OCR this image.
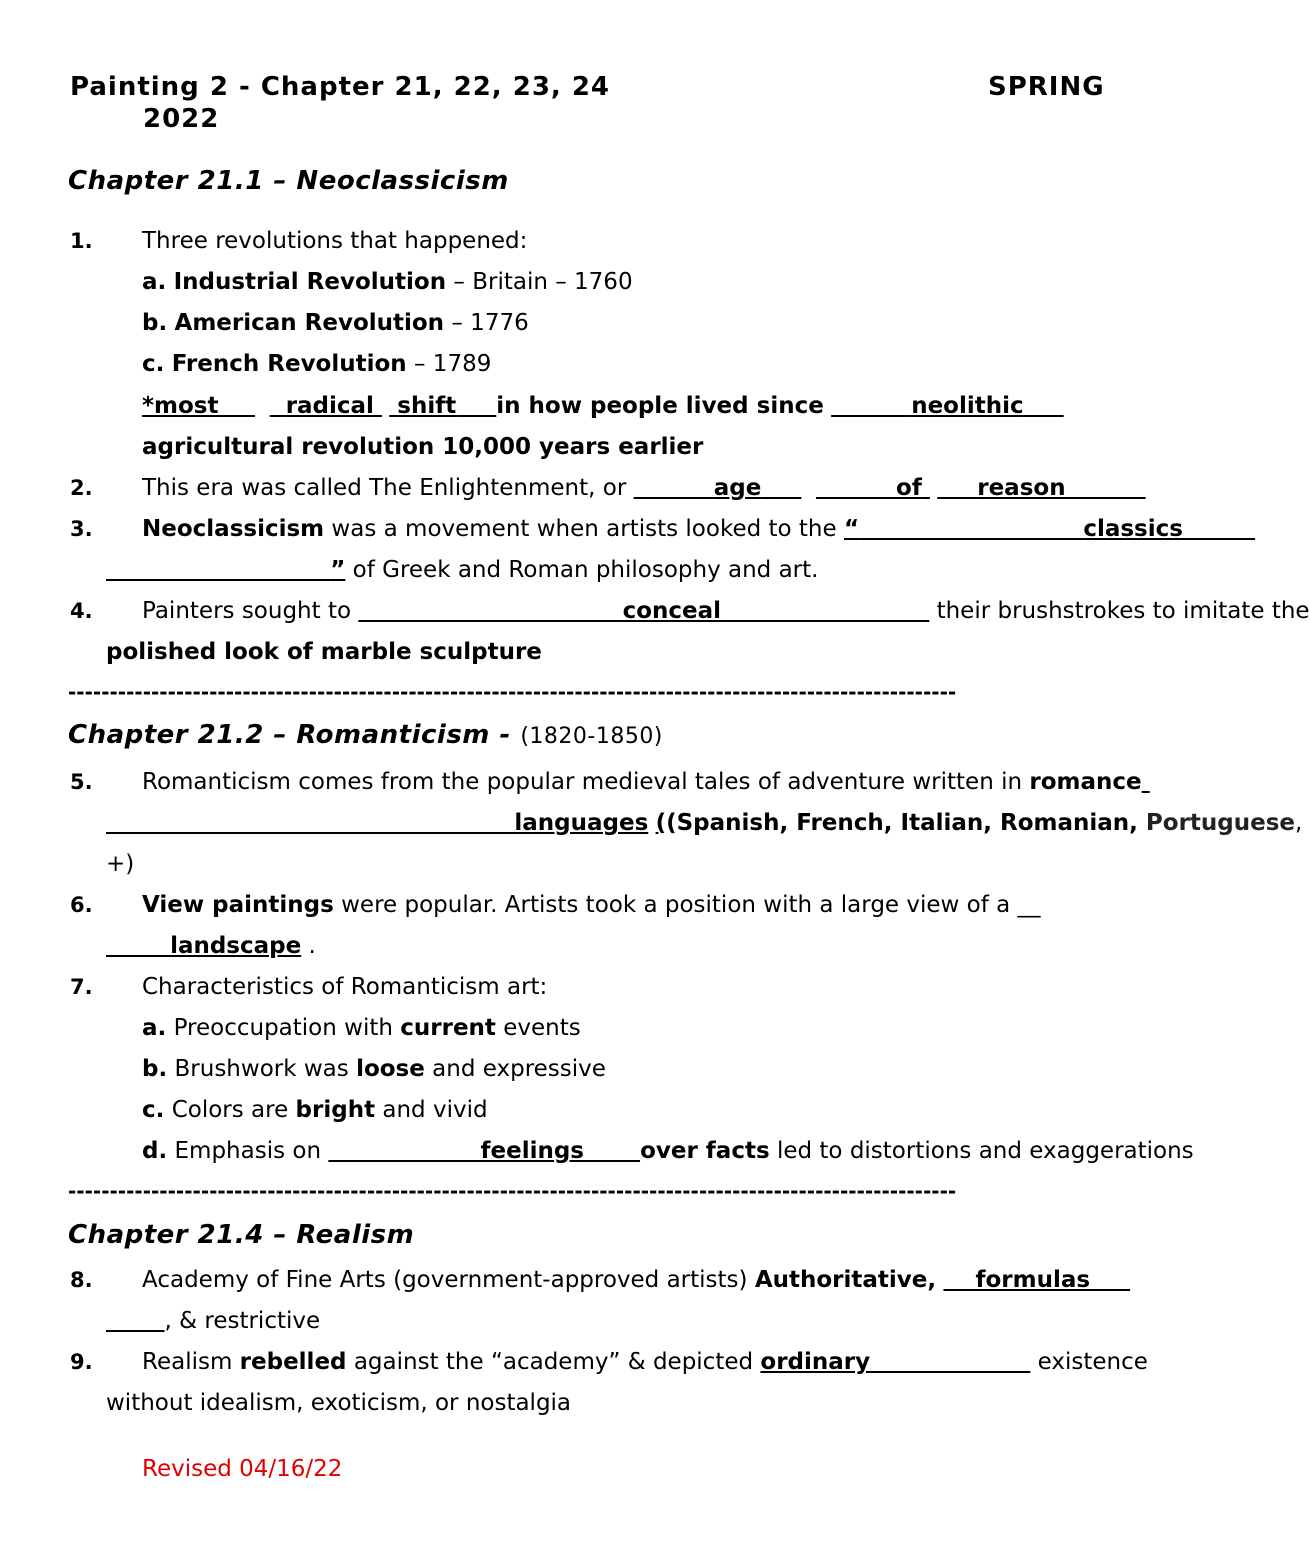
Painting 2 - Chapter 21, 22, 23, 24	SPRING
2022
Chapter 21.1 – Neoclassicism
1. Three revolutions that happened:
a. Industrial Revolution – Britain – 1760
b. American Revolution – 1776
c. French Revolution – 1789
*most	radical shift in how people lived since	neolithic
agricultural revolution 10,000 years earlier
2. This era was called The Enlightenment, or	age	of reason
3. Neoclassicism was a movement when artists looked to the “	classics
” of Greek and Roman philosophy and art.
4. Painters sought to	conceal	their brushstrokes to imitate the
polished look of marble sculpture
-----------------------------------------------------------------------------------------------------------
Chapter 21.2 – Romanticism - (1820-1850)
5. Romanticism comes from the popular medieval tales of adventure written in romance
languages ((Spanish, French, Italian, Romanian, Portuguese,
+)
6. View paintings were popular. Artists took a position with a large view of a __
landscape .
7. Characteristics of Romanticism art:
a. Preoccupation with current events
b. Brushwork was loose and expressive
c. Colors are bright and vivid
d. Emphasis on	feelings over facts led to distortions and exaggerations
-----------------------------------------------------------------------------------------------------------
Chapter 21.4 – Realism
8. Academy of Fine Arts (government-approved artists) Authoritative, formulas
, & restrictive
9. Realism rebelled against the “academy” & depicted ordinary	existence
without idealism, exoticism, or nostalgia
Revised 04/16/22
